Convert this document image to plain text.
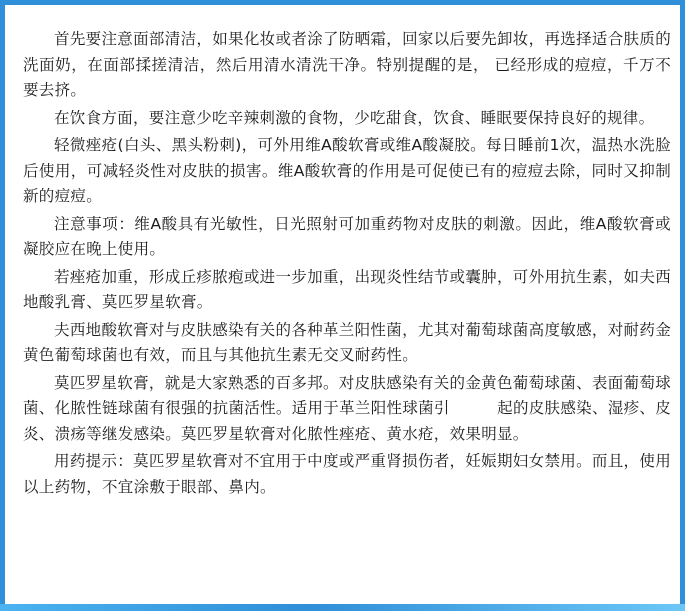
首先要注意面部清洁，如果化妆或者涂了防晒霜，回家以后要先卸妆，再选择适合肤质的洗面奶，在面部揉搓清洁，然后用清水清洗干净。特别提醒的是， 已经形成的痘痘，千万不要去挤。

在饮食方面，要注意少吃辛辣刺激的食物，少吃甜食，饮食、睡眠要保持良好的规律。

轻微痤疮(白头、黑头粉刺)，可外用维A酸软膏或维A酸凝胶。每日睡前1次，温热水洗脸后使用，可减轻炎性对皮肤的损害。维A酸软膏的作用是可促使已有的痘痘去除，同时又抑制新的痘痘。

注意事项：维A酸具有光敏性，日光照射可加重药物对皮肤的刺激。因此，维A酸软膏或凝胶应在晚上使用。

若痤疮加重，形成丘疹脓疱或进一步加重，出现炎性结节或囊肿，可外用抗生素，如夫西地酸乳膏、莫匹罗星软膏。

夫西地酸软膏对与皮肤感染有关的各种革兰阳性菌，尤其对葡萄球菌高度敏感，对耐药金黄色葡萄球菌也有效，而且与其他抗生素无交叉耐药性。

莫匹罗星软膏，就是大家熟悉的百多邦。对皮肤感染有关的金黄色葡萄球菌、表面葡萄球菌、化脓性链球菌有很强的抗菌活性。适用于革兰阳性球菌引　　　起的皮肤感染、湿疹、皮炎、溃疡等继发感染。莫匹罗星软膏对化脓性痤疮、黄水疮，效果明显。

用药提示：莫匹罗星软膏对不宜用于中度或严重肾损伤者，妊娠期妇女禁用。而且，使用以上药物，不宜涂敷于眼部、鼻内。
